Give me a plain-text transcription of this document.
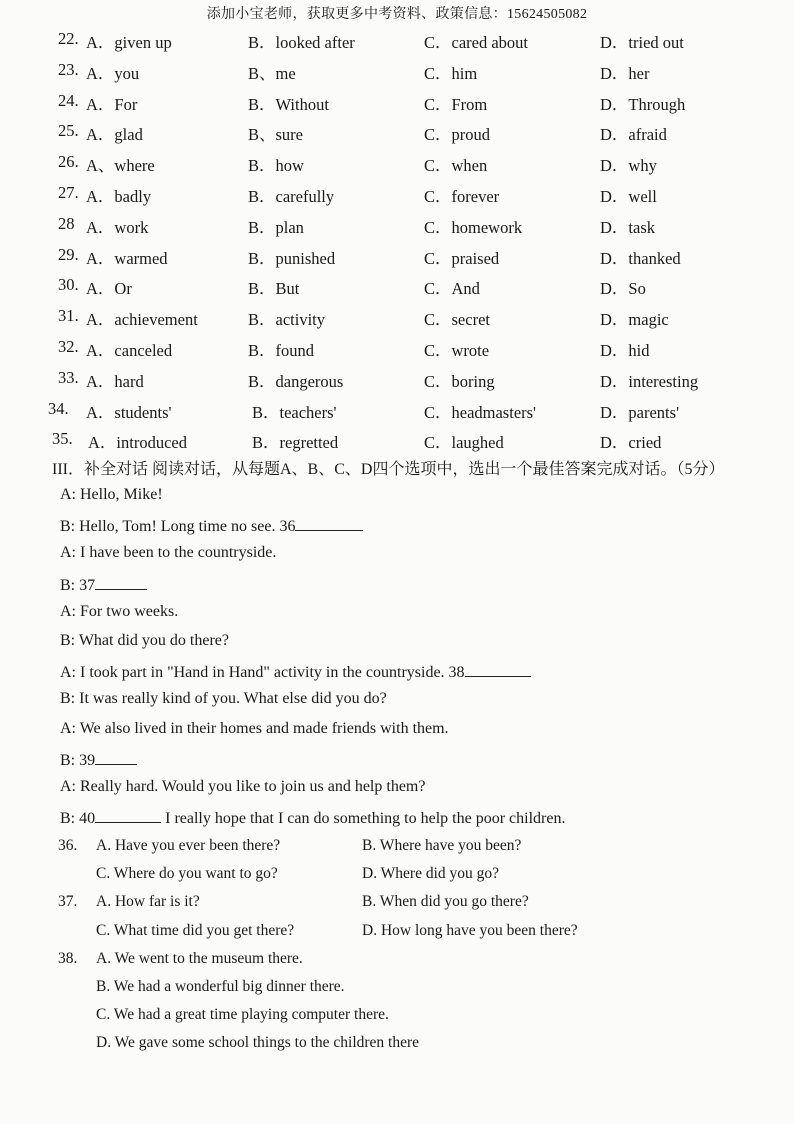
添加小宝老师，获取更多中考资料、政策信息：15624505082
22. A．given up	B．looked after	C．cared about	D．tried out
23. A．you	B、me	C．him	D．her
24. A．For	B．Without	C．From	D．Through
25. A．glad	B、sure	C．proud	D．afraid
26. A、where	B．how	C．when	D．why
27. A．badly	B．carefully	C．forever	D．well
28 A．work	B．plan	C．homework	D．task
29. A．warmed	B．punished	C．praised	D．thanked
30. A．Or	B．But	C．And	D．So
31. A．achievement	B．activity	C．secret	D．magic
32. A．canceled	B．found	C．wrote	D．hid
33. A．hard	B．dangerous	C．boring	D．interesting
34. A．students'	B．teachers'	C．headmasters'	D．parents'
35. A．introduced	B．regretted	C．laughed	D．cried
III．补全对话 阅读对话，从每题A、B、C、D四个选项中，选出一个最佳答案完成对话。（5分）
A: Hello, Mike!
B: Hello, Tom! Long time no see. 36
A: I have been to the countryside.
B: 37
A: For two weeks.
B: What did you do there?
A: I took part in "Hand in Hand" activity in the countryside. 38
B: It was really kind of you. What else did you do?
A: We also lived in their homes and made friends with them.
B: 39
A: Really hard. Would you like to join us and help them?
B: 40	I really hope that I can do something to help the poor children.
36. A. Have you ever been there?	B. Where have you been?
C. Where do you want to go?	D. Where did you go?
37. A. How far is it?	B. When did you go there?
C. What time did you get there?	D. How long have you been there?
38. A. We went to the museum there.
B. We had a wonderful big dinner there.
C. We had a great time playing computer there.
D. We gave some school things to the children there
